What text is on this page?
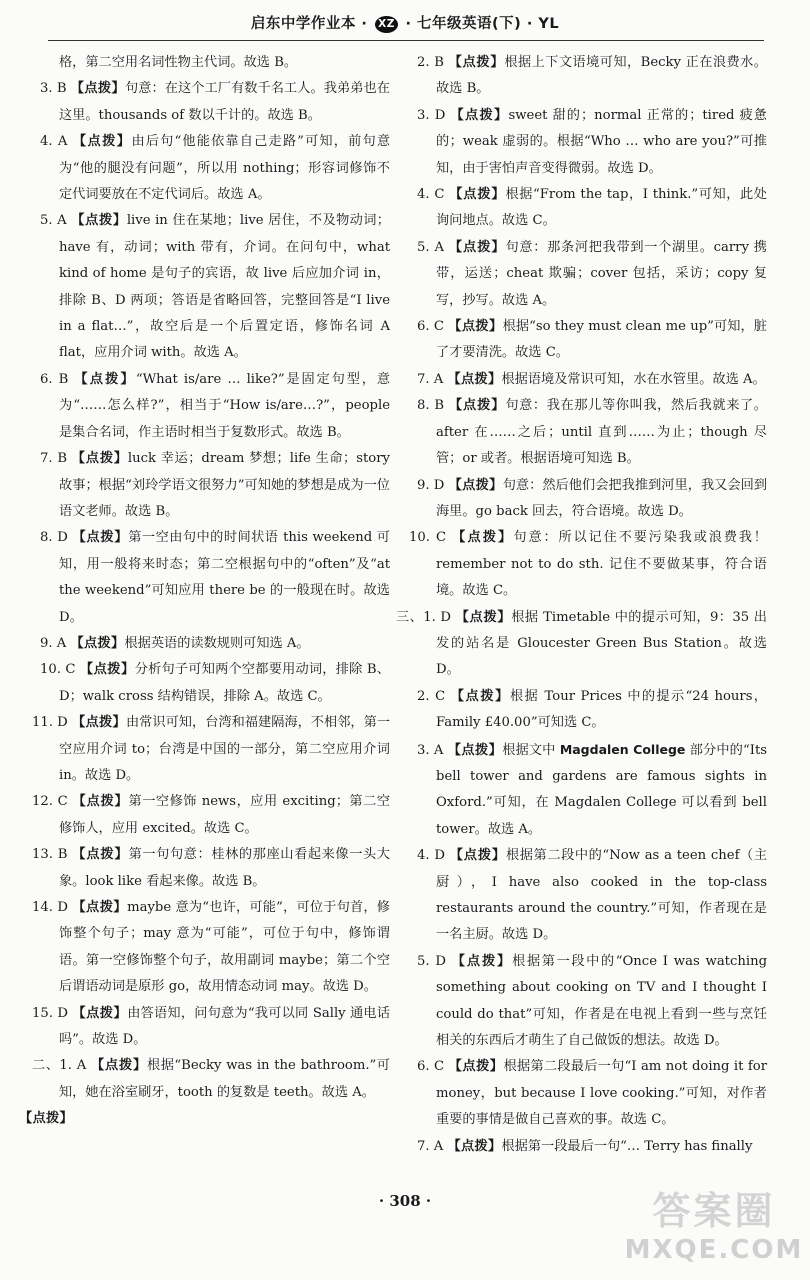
启东中学作业本 · XZ · 七年级英语(下) · YL
格，第二空用名词性物主代词。故选 B。
3. B 【点拨】句意：在这个工厂有数千名工人。我弟弟也在这里。thousands of 数以千计的。故选 B。
4. A 【点拨】由后句“他能依靠自己走路”可知，前句意为“他的腿没有问题”，所以用 nothing；形容词修饰不定代词要放在不定代词后。故选 A。
5. A 【点拨】live in 住在某地；live 居住，不及物动词；have 有，动词；with 带有，介词。在问句中，what kind of home 是句子的宾语，故 live 后应加介词 in，排除 B、D 两项；答语是省略回答，完整回答是“I live in a flat…”，故空后是一个后置定语，修饰名词 A flat，应用介词 with。故选 A。
6. B 【点拨】“What is/are … like?”是固定句型，意为“……怎么样?”，相当于“How is/are…?”，people 是集合名词，作主语时相当于复数形式。故选 B。
7. B 【点拨】luck 幸运；dream 梦想；life 生命；story 故事；根据“刘玲学语文很努力”可知她的梦想是成为一位语文老师。故选 B。
8. D 【点拨】第一空由句中的时间状语 this weekend 可知，用一般将来时态；第二空根据句中的“often”及“at the weekend”可知应用 there be 的一般现在时。故选 D。
9. A 【点拨】根据英语的读数规则可知选 A。
10. C 【点拨】分析句子可知两个空都要用动词，排除 B、D；walk cross 结构错误，排除 A。故选 C。
11. D 【点拨】由常识可知，台湾和福建隔海，不相邻，第一空应用介词 to；台湾是中国的一部分，第二空应用介词 in。故选 D。
12. C 【点拨】第一空修饰 news，应用 exciting；第二空修饰人，应用 excited。故选 C。
13. B 【点拨】第一句句意：桂林的那座山看起来像一头大象。look like 看起来像。故选 B。
14. D 【点拨】maybe 意为“也许，可能”，可位于句首，修饰整个句子；may 意为“可能”，可位于句中，修饰谓语。第一空修饰整个句子，故用副词 maybe；第二个空后谓语动词是原形 go，故用情态动词 may。故选 D。
15. D 【点拨】由答语知，问句意为“我可以同 Sally 通电话吗”。故选 D。
二、1. A 【点拨】根据“Becky was in the bathroom.”可知，她在浴室刷牙，tooth 的复数是 teeth。故选 A。
【点拨】
2. B 【点拨】根据上下文语境可知，Becky 正在浪费水。故选 B。
3. D 【点拨】sweet 甜的；normal 正常的；tired 疲惫的；weak 虚弱的。根据“Who … who are you?”可推知，由于害怕声音变得微弱。故选 D。
4. C 【点拨】根据“From the tap，I think.”可知，此处询问地点。故选 C。
5. A 【点拨】句意：那条河把我带到一个湖里。carry 携带，运送；cheat 欺骗；cover 包括，采访；copy 复写，抄写。故选 A。
6. C 【点拨】根据“so they must clean me up”可知，脏了才要清洗。故选 C。
7. A 【点拨】根据语境及常识可知，水在水管里。故选 A。
8. B 【点拨】句意：我在那儿等你叫我，然后我就来了。after 在……之后；until 直到……为止；though 尽管；or 或者。根据语境可知选 B。
9. D 【点拨】句意：然后他们会把我推到河里，我又会回到海里。go back 回去，符合语境。故选 D。
10. C 【点拨】句意：所以记住不要污染我或浪费我！remember not to do sth. 记住不要做某事，符合语境。故选 C。
三、1. D 【点拨】根据 Timetable 中的提示可知，9：35 出发的站名是 Gloucester Green Bus Station。故选 D。
2. C 【点拨】根据 Tour Prices 中的提示“24 hours，Family £40.00”可知选 C。
3. A 【点拨】根据文中 Magdalen College 部分中的“Its bell tower and gardens are famous sights in Oxford.”可知，在 Magdalen College 可以看到 bell tower。故选 A。
4. D 【点拨】根据第二段中的“Now as a teen chef（主厨），I have also cooked in the top-class restaurants around the country.”可知，作者现在是一名主厨。故选 D。
5. D 【点拨】根据第一段中的“Once I was watching something about cooking on TV and I thought I could do that”可知，作者是在电视上看到一些与烹饪相关的东西后才萌生了自己做饭的想法。故选 D。
6. C 【点拨】根据第二段最后一句“I am not doing it for money，but because I love cooking.”可知，对作者重要的事情是做自己喜欢的事。故选 C。
7. A 【点拨】根据第一段最后一句“… Terry has finally
· 308 ·	答案圈
MXQE.COM
